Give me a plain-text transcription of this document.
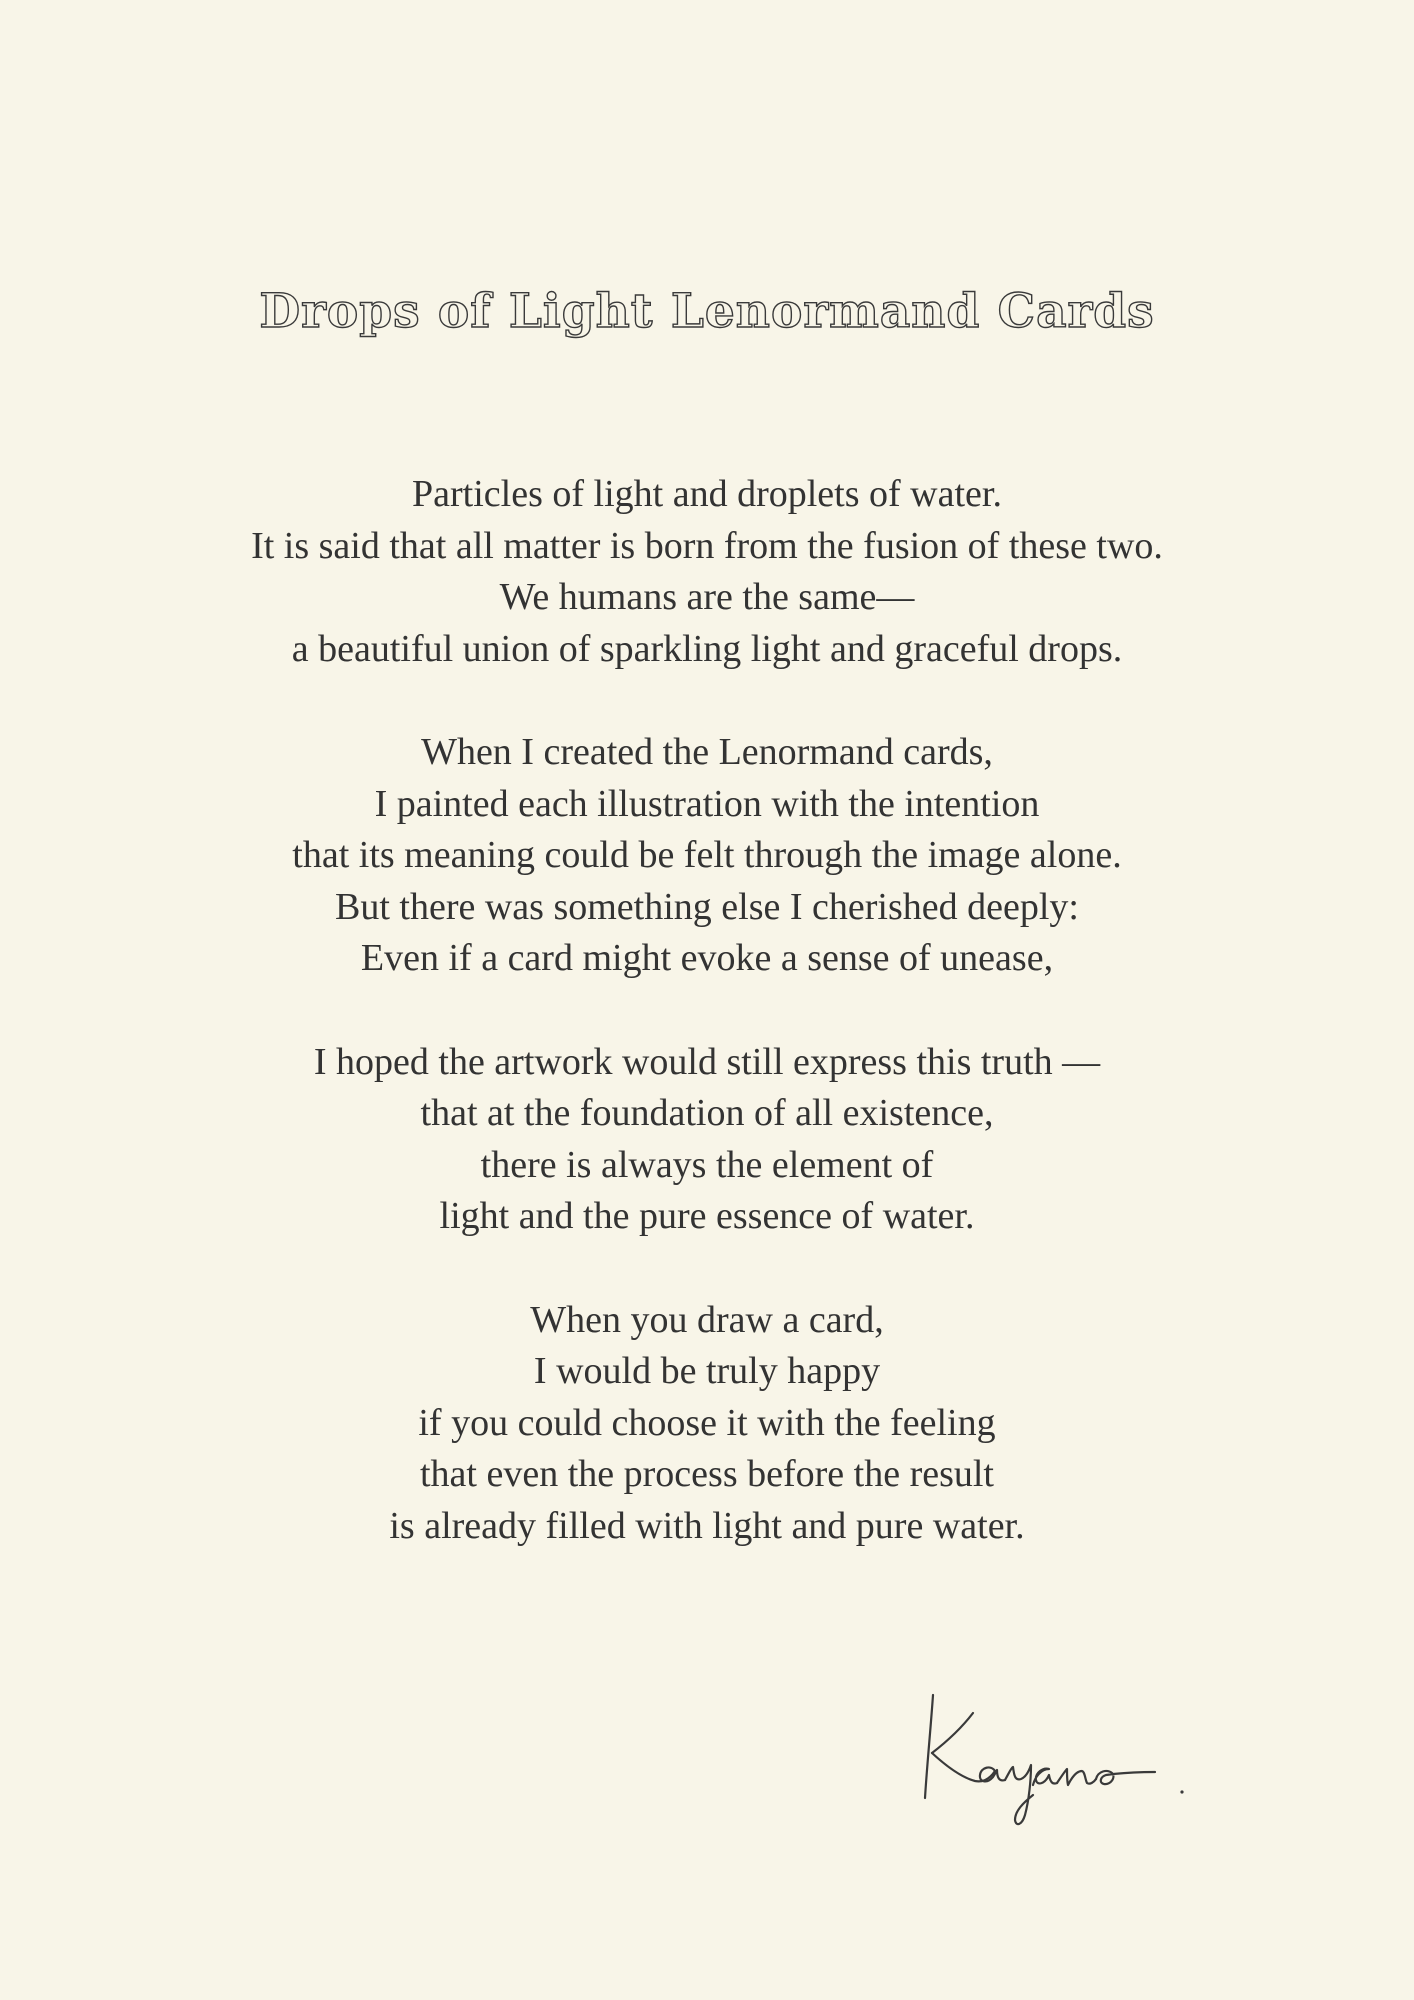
Drops of Light Lenormand Cards

Particles of light and droplets of water.
It is said that all matter is born from the fusion of these two.
We humans are the same—
a beautiful union of sparkling light and graceful drops.

When I created the Lenormand cards,
I painted each illustration with the intention
that its meaning could be felt through the image alone.
But there was something else I cherished deeply:
Even if a card might evoke a sense of unease,

I hoped the artwork would still express this truth —
that at the foundation of all existence,
there is always the element of
light and the pure essence of water.

When you draw a card,
I would be truly happy
if you could choose it with the feeling
that even the process before the result
is already filled with light and pure water.
